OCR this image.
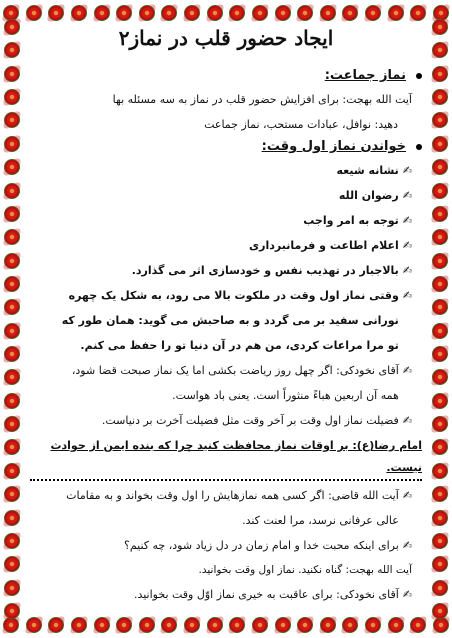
ایجاد حضور قلب در نماز۲
نماز جماعت:
آیت الله بهجت: برای افزایش حضور قلب در نماز به سه مسئله بها
دهید: نوافل، عبادات مستحب، نماز جماعت
خواندن نماز اول وقت:
✍
نشانه شیعه
✍
رضوان الله
✍
توجه به امر واجب
✍
اعلام اطاعت و فرمانبرداری
✍
بالاجبار در تهذیب نفس و خودسازی اثر می گذارد.
✍
وقتی نماز اول وقت در ملکوت بالا می رود، به شکل یک چهره
نورانی سفید بر می گردد و به صاحبش می گوید: همان طور که
تو مرا مراعات کردی، من هم در آن دنیا تو را حفظ می کنم.
✍
آقای نخودکی: اگر چهل روز ریاضت بکشی اما یک نماز صبحت قضا شود،
همه آن اربعین هباءً منثوراً است. یعنی باد هواست.
✍
فضیلت نماز اول وقت بر آخر وقت مثل فضیلت آخرت بر دنیاست.
امام رضا(ع): بر اوقات نماز محافظت کنید چرا که بنده ایمن از حوادث نیست.
✍
آیت الله قاضی: اگر کسی همه نمازهایش را اول وقت بخواند و به مقامات
عالی عرفانی نرسد، مرا لعنت کند.
✍
برای اینکه محبت خدا و امام زمان در دل زیاد شود، چه کنیم؟
آیت الله بهجت: گناه نکنید. نماز اول وقت بخوانید.
✍
آقای نخودکی: برای عاقبت به خیری نماز اوّل وقت بخوانید.
